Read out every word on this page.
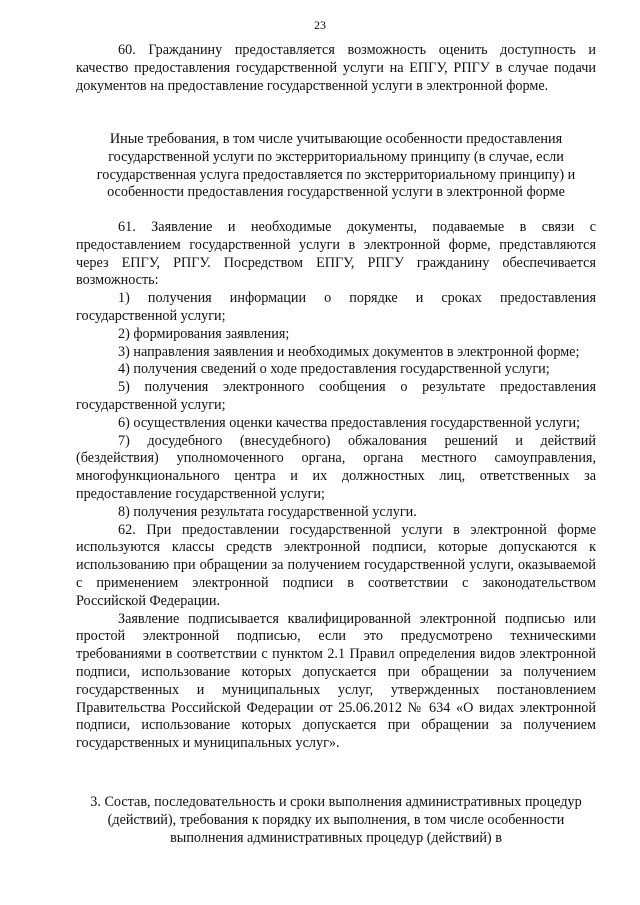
23

60. Гражданину предоставляется возможность оценить доступность и качество предоставления государственной услуги на ЕПГУ, РПГУ в случае подачи документов на предоставление государственной услуги в электронной форме.

Иные требования, в том числе учитывающие особенности предоставления государственной услуги по экстерриториальному принципу (в случае, если государственная услуга предоставляется по экстерриториальному принципу) и особенности предоставления государственной услуги в электронной форме

61. Заявление и необходимые документы, подаваемые в связи с предоставлением государственной услуги в электронной форме, представляются через ЕПГУ, РПГУ. Посредством ЕПГУ, РПГУ гражданину обеспечивается возможность:

1) получения информации о порядке и сроках предоставления государственной услуги;

2) формирования заявления;

3) направления заявления и необходимых документов в электронной форме;

4) получения сведений о ходе предоставления государственной услуги;

5) получения электронного сообщения о результате предоставления государственной услуги;

6) осуществления оценки качества предоставления государственной услуги;

7) досудебного (внесудебного) обжалования решений и действий (бездействия) уполномоченного органа, органа местного самоуправления, многофункционального центра и их должностных лиц, ответственных за предоставление государственной услуги;

8) получения результата государственной услуги.

62. При предоставлении государственной услуги в электронной форме используются классы средств электронной подписи, которые допускаются к использованию при обращении за получением государственной услуги, оказываемой с применением электронной подписи в соответствии с законодательством Российской Федерации.

Заявление подписывается квалифицированной электронной подписью или простой электронной подписью, если это предусмотрено техническими требованиями в соответствии с пунктом 2.1 Правил определения видов электронной подписи, использование которых допускается при обращении за получением государственных и муниципальных услуг, утвержденных постановлением Правительства Российской Федерации от 25.06.2012 № 634 «О видах электронной подписи, использование которых допускается при обращении за получением государственных и муниципальных услуг».

3. Состав, последовательность и сроки выполнения административных процедур (действий), требования к порядку их выполнения, в том числе особенности выполнения административных процедур (действий) в
